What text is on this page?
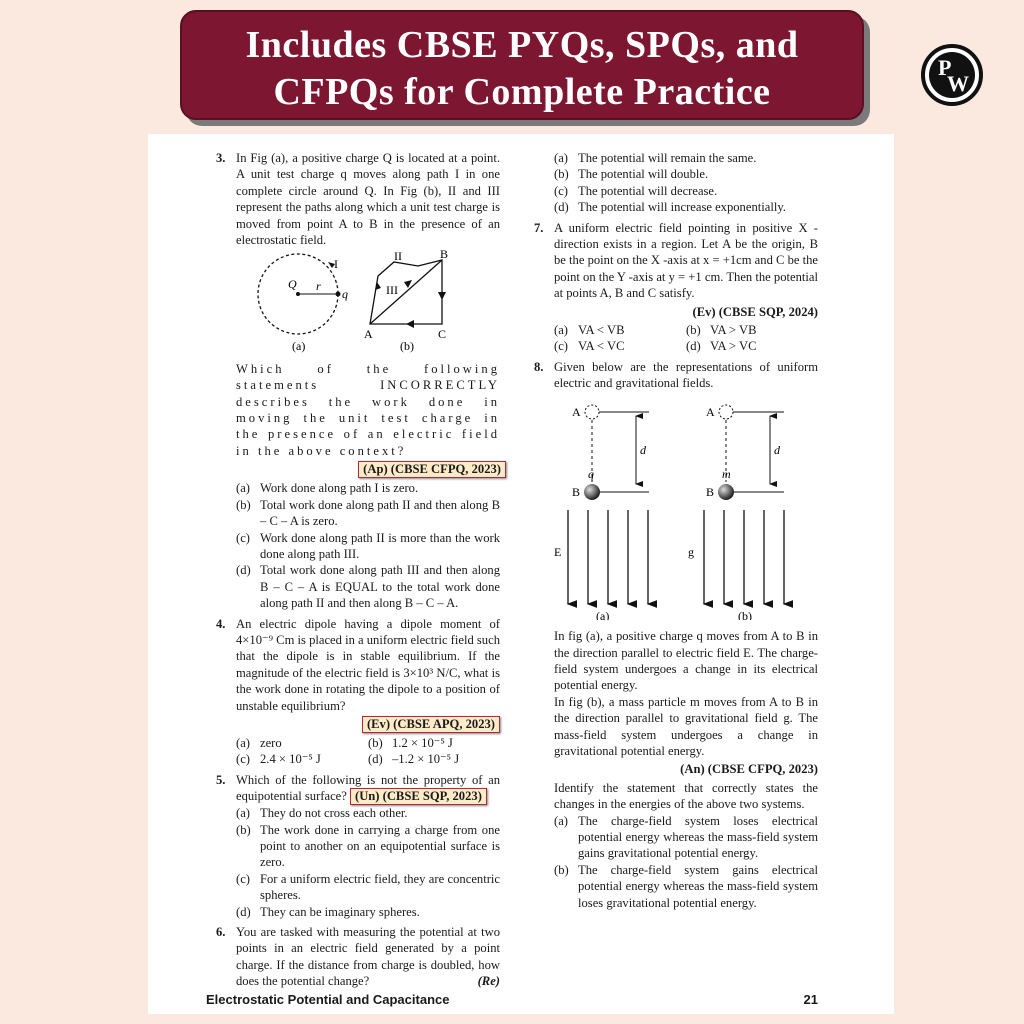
Includes CBSE PYQs, SPQs, and
CFPQs for Complete Practice
P
W
3. In Fig (a), a positive charge Q is located at a point. A unit test charge q moves along path I in one complete circle around Q. In Fig (b), II and III represent the paths along which a unit test charge is moved from point A to B in the presence of an electrostatic field.
Q r
q
I
II
III
A
B
C
(a)	(b)
Which of the following statements INCORRECTLY describes the work done in moving the unit test charge in the presence of an electric field in the above context?
(Ap) (CBSE CFPQ, 2023)
(a) Work done along path I is zero.
(b) Total work done along path II and then along B – C – A is zero.
(c) Work done along path II is more than the work done along path III.
(d) Total work done along path III and then along B – C – A is EQUAL to the total work done along path II and then along B – C – A.
4. An electric dipole having a dipole moment of 4×10⁻⁹ Cm is placed in a uniform electric field such that the dipole is in stable equilibrium. If the magnitude of the electric field is 3×10³ N/C, what is the work done in rotating the dipole to a position of unstable equilibrium?
(Ev) (CBSE APQ, 2023)
(a) zero	(b) 1.2 × 10⁻⁵ J
(c) 2.4 × 10⁻⁵ J	(d) –1.2 × 10⁻⁵ J
5. Which of the following is not the property of an equipotential surface? (Un) (CBSE SQP, 2023)
(a) They do not cross each other.
(b) The work done in carrying a charge from one point to another on an equipotential surface is zero.
(c) For a uniform electric field, they are concentric spheres.
(d) They can be imaginary spheres.
6. You are tasked with measuring the potential at two points in an electric field generated by a point charge. If the distance from charge is doubled, how does the potential change?	(Re)
(a) The potential will remain the same.
(b) The potential will double.
(c) The potential will decrease.
(d) The potential will increase exponentially.
7. A uniform electric field pointing in positive X -direction exists in a region. Let A be the origin, B be the point on the X -axis at x = +1cm and C be the point on the Y -axis at y = +1 cm. Then the potential at points A, B and C satisfy.
(Ev) (CBSE SQP, 2024)
(a) VA < VB	(b) VA > VB
(c) VA < VC	(d) VA > VC
8. Given below are the representations of uniform electric and gravitational fields.
A
B
d
q
E
(a)
A
B
d
m
g
(b)
In fig (a), a positive charge q moves from A to B in the direction parallel to electric field E. The charge-field system undergoes a change in its electrical potential energy.
In fig (b), a mass particle m moves from A to B in the direction parallel to gravitational field g. The mass-field system undergoes a change in gravitational potential energy.
(An) (CBSE CFPQ, 2023)
Identify the statement that correctly states the changes in the energies of the above two systems.
(a) The charge-field system loses electrical potential energy whereas the mass-field system gains gravitational potential energy.
(b) The charge-field system gains electrical potential energy whereas the mass-field system loses gravitational potential energy.
Electrostatic Potential and Capacitance	21
